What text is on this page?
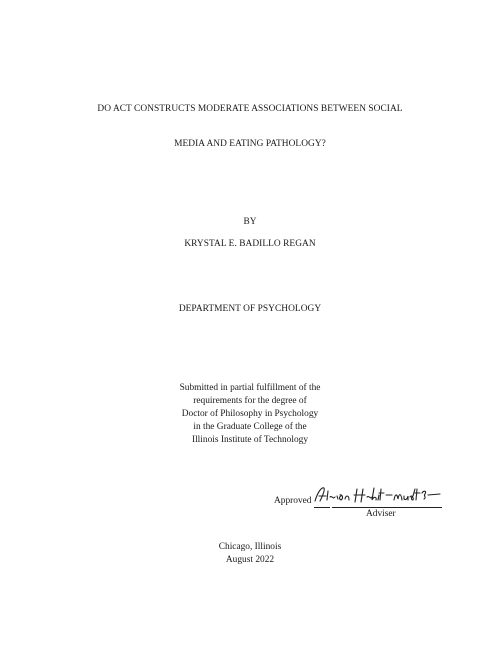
DO ACT CONSTRUCTS MODERATE ASSOCIATIONS BETWEEN SOCIAL
MEDIA AND EATING PATHOLOGY?
BY
KRYSTAL E. BADILLO REGAN
DEPARTMENT OF PSYCHOLOGY
Submitted in partial fulfillment of the
requirements for the degree of
Doctor of Philosophy in Psychology
in the Graduate College of the
Illinois Institute of Technology
Approved
Adviser
Chicago, Illinois
August 2022
